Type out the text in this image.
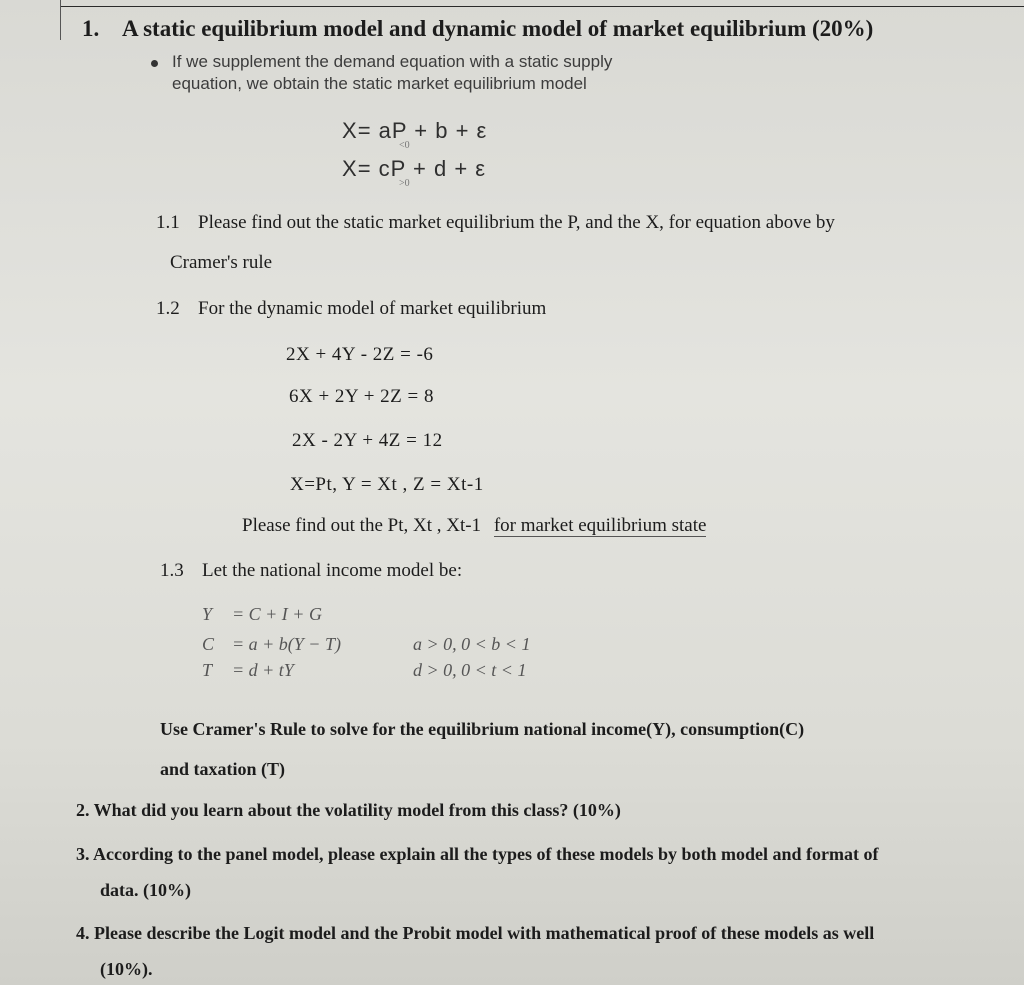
1. A static equilibrium model and dynamic model of market equilibrium (20%)
If we supplement the demand equation with a static supply
equation, we obtain the static market equilibrium model
X= aP + b + ε
<0
X= cP + d + ε
>0
1.1 Please find out the static market equilibrium the P, and the X, for equation above by
Cramer's rule
1.2 For the dynamic model of market equilibrium
2X + 4Y - 2Z = -6
6X + 2Y + 2Z = 8
2X - 2Y + 4Z = 12
X=Pt, Y = Xt , Z = Xt-1
Please find out the Pt, Xt , Xt-1 for market equilibrium state
1.3 Let the national income model be:
Y = C + I + G
C = a + b(Y − T)	a > 0, 0 < b < 1
T = d + tY	d > 0, 0 < t < 1
Use Cramer's Rule to solve for the equilibrium national income(Y), consumption(C)
and taxation (T)
2. What did you learn about the volatility model from this class? (10%)
3. According to the panel model, please explain all the types of these models by both model and format of
data. (10%)
4. Please describe the Logit model and the Probit model with mathematical proof of these models as well
(10%).
